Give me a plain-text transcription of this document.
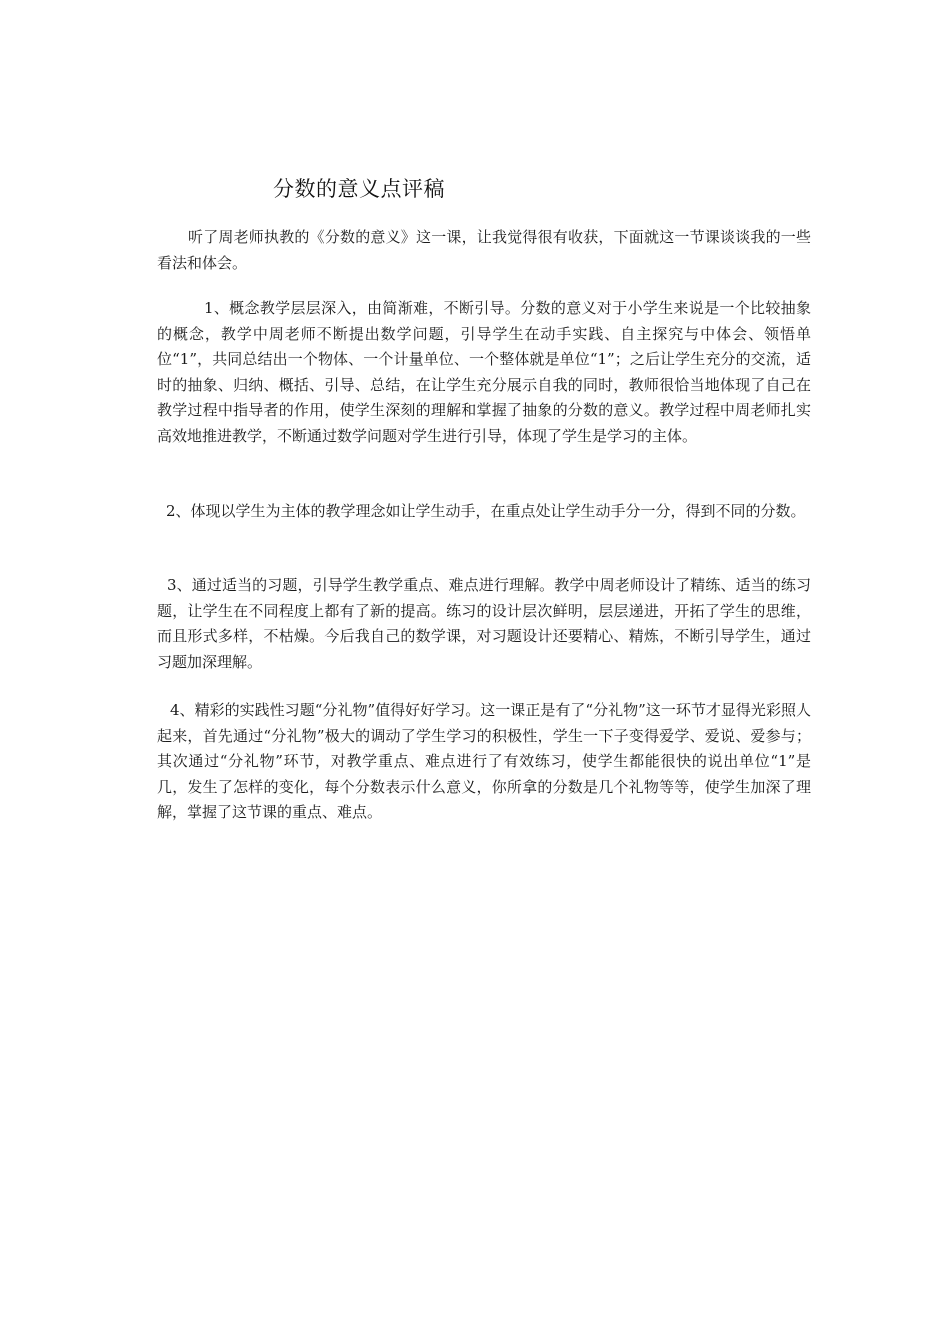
分数的意义点评稿

听了周老师执教的《分数的意义》这一课，让我觉得很有收获，下面就这一节课谈谈我的一些看法和体会。

1、概念教学层层深入，由简渐难，不断引导。分数的意义对于小学生来说是一个比较抽象的概念，教学中周老师不断提出数学问题，引导学生在动手实践、自主探究与中体会、领悟单位“1”，共同总结出一个物体、一个计量单位、一个整体就是单位“1”；之后让学生充分的交流，适时的抽象、归纳、概括、引导、总结，在让学生充分展示自我的同时，教师很恰当地体现了自己在教学过程中指导者的作用，使学生深刻的理解和掌握了抽象的分数的意义。教学过程中周老师扎实高效地推进教学，不断通过数学问题对学生进行引导，体现了学生是学习的主体。

2、体现以学生为主体的教学理念如让学生动手，在重点处让学生动手分一分，得到不同的分数。

3、通过适当的习题，引导学生教学重点、难点进行理解。教学中周老师设计了精练、适当的练习题，让学生在不同程度上都有了新的提高。练习的设计层次鲜明，层层递进，开拓了学生的思维，而且形式多样，不枯燥。今后我自己的数学课，对习题设计还要精心、精炼，不断引导学生，通过习题加深理解。

4、精彩的实践性习题“分礼物”值得好好学习。这一课正是有了“分礼物”这一环节才显得光彩照人起来，首先通过“分礼物”极大的调动了学生学习的积极性，学生一下子变得爱学、爱说、爱参与；其次通过“分礼物”环节，对教学重点、难点进行了有效练习，使学生都能很快的说出单位“1”是几，发生了怎样的变化，每个分数表示什么意义，你所拿的分数是几个礼物等等，使学生加深了理解，掌握了这节课的重点、难点。
